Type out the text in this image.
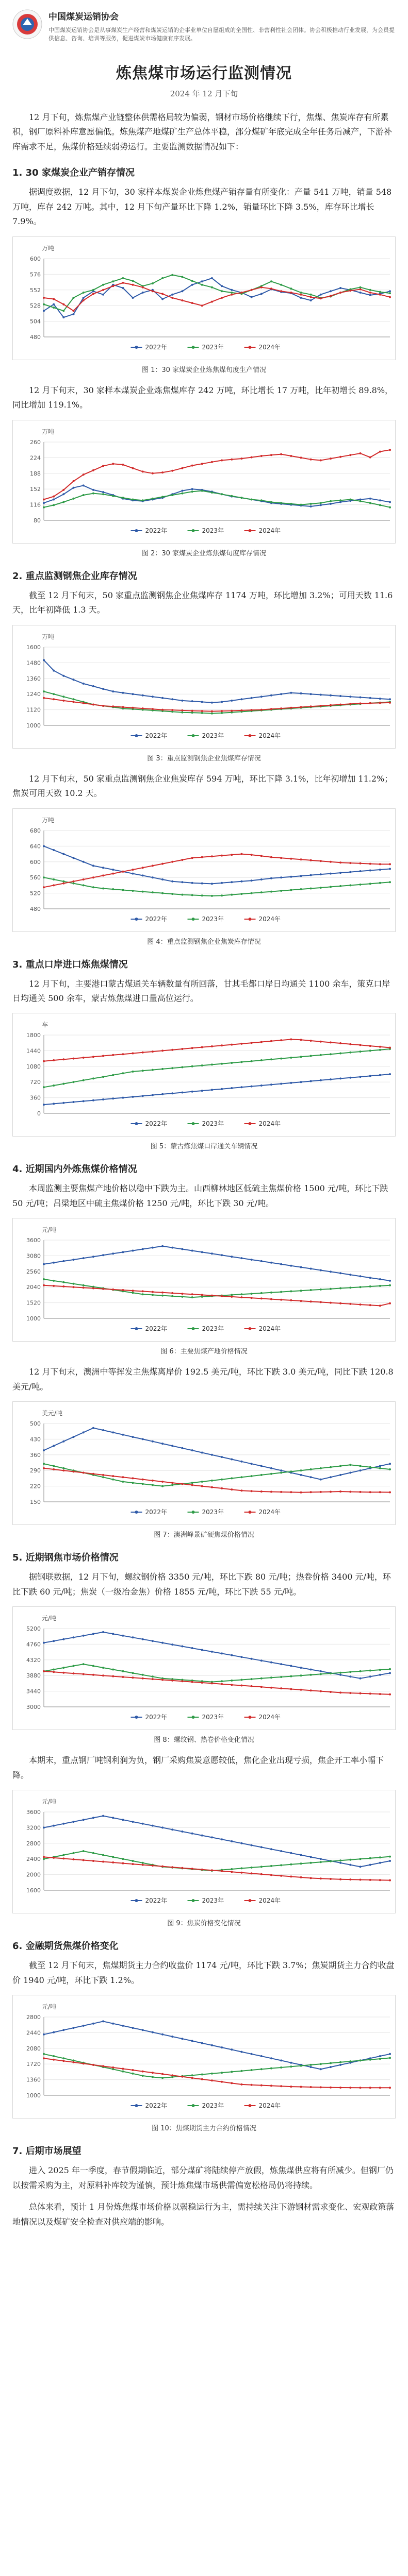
中国煤炭运销协会
中国煤炭运销协会是从事煤炭生产经营和煤炭运销的企事业单位自愿组成的全国性、非营利性社会团体。协会积极推动行业发展，为会员提供信息、咨询、培训等服务，促进煤炭市场健康有序发展。
炼焦煤市场运行监测情况
2024 年 12 月下旬

12 月下旬，炼焦煤产业链整体供需格局较为偏弱，钢材市场价格继续下行，焦煤、焦炭库存有所累积，钢厂原料补库意愿偏低。炼焦煤产地煤矿生产总体平稳，部分煤矿年底完成全年任务后减产，下游补库需求不足，焦煤价格延续弱势运行。主要监测数据情况如下：

1. 30 家煤炭企业产销存情况

据调度数据，12 月下旬，30 家样本煤炭企业炼焦煤产销存量有所变化：产量 541 万吨，销量 548 万吨，库存 242 万吨。其中，12 月下旬产量环比下降 1.2%，销量环比下降 3.5%，库存环比增长 7.9%。

万吨
480
504
528
552
576
600
2022年	2023年	2024年
图 1：30 家煤炭企业炼焦煤旬度生产情况

12 月下旬末，30 家样本煤炭企业炼焦煤库存 242 万吨，环比增长 17 万吨，比年初增长 89.8%，同比增加 119.1%。

万吨
80
116
152
188
224
260
2022年	2023年	2024年
图 2：30 家煤炭企业炼焦煤旬度库存情况
2. 重点监测钢焦企业库存情况

截至 12 月下旬末，50 家重点监测钢焦企业焦煤库存 1174 万吨，环比增加 3.2%；可用天数 11.6 天，比年初降低 1.3 天。

万吨
1000
1120
1240
1360
1480
1600
2022年	2023年	2024年
图 3：重点监测钢焦企业焦煤库存情况

12 月下旬末，50 家重点监测钢焦企业焦炭库存 594 万吨，环比下降 3.1%，比年初增加 11.2%；焦炭可用天数 10.2 天。

万吨
480
520
560
600
640
680
2022年	2023年	2024年
图 4：重点监测钢焦企业焦炭库存情况
3. 重点口岸进口炼焦煤情况

12 月下旬，主要港口蒙古煤通关车辆数量有所回落，甘其毛都口岸日均通关 1100 余车，策克口岸日均通关 500 余车，蒙古炼焦煤进口量高位运行。

车
0
360
720
1080
1440
1800
2022年	2023年	2024年
图 5：蒙古炼焦煤口岸通关车辆情况
4. 近期国内外炼焦煤价格情况

本周监测主要焦煤产地价格以稳中下跌为主。山西柳林地区低硫主焦煤价格 1500 元/吨，环比下跌 50 元/吨；吕梁地区中硫主焦煤价格 1250 元/吨，环比下跌 30 元/吨。

元/吨
1000
1520
2040
2560
3080
3600
2022年	2023年	2024年
图 6：主要焦煤产地价格情况

12 月下旬末，澳洲中等挥发主焦煤离岸价 192.5 美元/吨，环比下跌 3.0 美元/吨，同比下跌 120.8 美元/吨。

美元/吨
150
220
290
360
430
500
2022年	2023年	2024年
图 7：澳洲峰景矿硬焦煤价格情况
5. 近期钢焦市场价格情况

据钢联数据，12 月下旬，螺纹钢价格 3350 元/吨，环比下跌 80 元/吨；热卷价格 3400 元/吨，环比下跌 60 元/吨；焦炭（一级冶金焦）价格 1855 元/吨，环比下跌 55 元/吨。

元/吨
3000
3440
3880
4320
4760
5200
2022年	2023年	2024年
图 8：螺纹钢、热卷价格变化情况

本期末，重点钢厂吨钢利润为负，钢厂采购焦炭意愿较低，焦化企业出现亏损，焦企开工率小幅下降。

元/吨
1600
2000
2400
2800
3200
3600
2022年	2023年	2024年
图 9：焦炭价格变化情况
6. 金融期货焦煤价格变化

截至 12 月下旬末，焦煤期货主力合约收盘价 1174 元/吨，环比下跌 3.7%；焦炭期货主力合约收盘价 1940 元/吨，环比下跌 1.2%。

元/吨
1000
1360
1720
2080
2440
2800
2022年	2023年	2024年
图 10：焦煤期货主力合约价格情况
7. 后期市场展望

进入 2025 年一季度，春节假期临近，部分煤矿将陆续停产放假，炼焦煤供应将有所减少。但钢厂仍以按需采购为主，对原料补库较为谨慎，预计炼焦煤市场供需偏宽松格局仍将持续。

总体来看，预计 1 月份炼焦煤市场价格以弱稳运行为主，需持续关注下游钢材需求变化、宏观政策落地情况以及煤矿安全检查对供应端的影响。
